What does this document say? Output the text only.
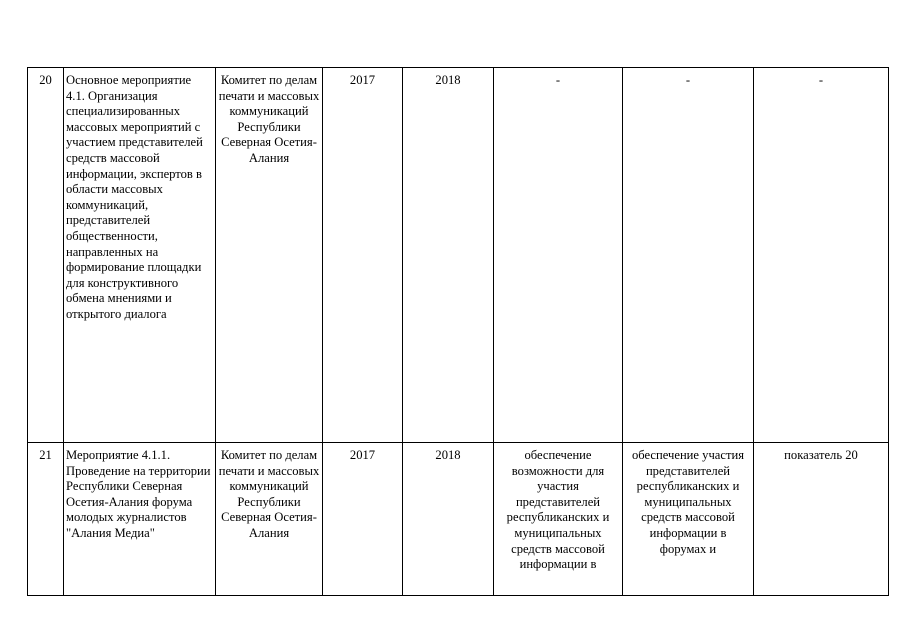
20	Основное мероприятие 4.1. Организация специализированных массовых мероприятий с участием представителей средств массовой информации, экспертов в области массовых коммуникаций, представителей общественности, направленных на формирование площадки для конструктивного обмена мнениями и открытого диалога	Комитет по делам печати и массовых коммуникаций Республики Северная Осетия-Алания	2017	2018	-	-	-
21	Мероприятие 4.1.1. Проведение на территории Республики Северная Осетия-Алания форума молодых журналистов "Алания Медиа"	Комитет по делам печати и массовых коммуникаций Республики Северная Осетия-Алания	2017	2018	обеспечение возможности для участия представителей республиканских и муниципальных средств массовой информации в	обеспечение участия представителей республиканских и муниципальных средств массовой информации в форумах и	показатель 20
